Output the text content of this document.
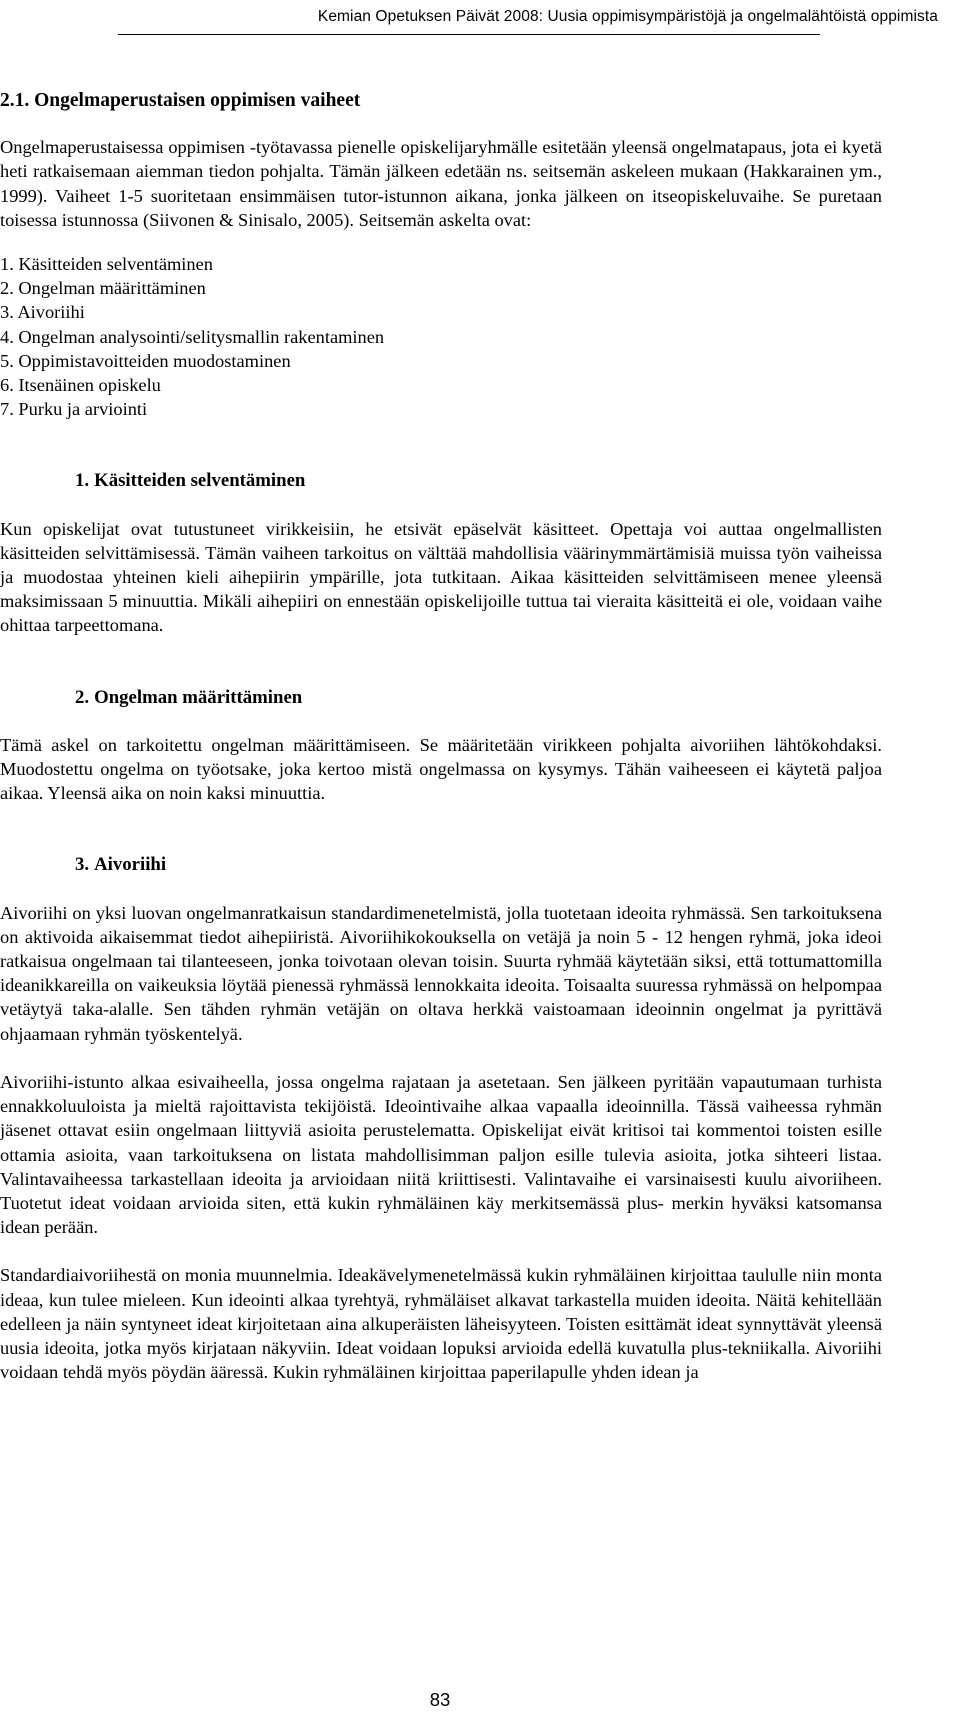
Kemian Opetuksen Päivät 2008: Uusia oppimisympäristöjä ja ongelmalähtöistä oppimista
2.1. Ongelmaperustaisen oppimisen vaiheet

Ongelmaperustaisessa oppimisen -työtavassa pienelle opiskelijaryhmälle esitetään yleensä ongelmatapaus, jota ei kyetä heti ratkaisemaan aiemman tiedon pohjalta. Tämän jälkeen edetään ns. seitsemän askeleen mukaan (Hakkarainen ym., 1999). Vaiheet 1-5 suoritetaan ensimmäisen tutor-istunnon aikana, jonka jälkeen on itseopiskeluvaihe. Se puretaan toisessa istunnossa (Siivonen & Sinisalo, 2005). Seitsemän askelta ovat:

1. Käsitteiden selventäminen
2. Ongelman määrittäminen
3. Aivoriihi
4. Ongelman analysointi/selitysmallin rakentaminen
5. Oppimistavoitteiden muodostaminen
6. Itsenäinen opiskelu
7. Purku ja arviointi
1. Käsitteiden selventäminen

Kun opiskelijat ovat tutustuneet virikkeisiin, he etsivät epäselvät käsitteet. Opettaja voi auttaa ongelmallisten käsitteiden selvittämisessä. Tämän vaiheen tarkoitus on välttää mahdollisia väärinymmärtämisiä muissa työn vaiheissa ja muodostaa yhteinen kieli aihepiirin ympärille, jota tutkitaan. Aikaa käsitteiden selvittämiseen menee yleensä maksimissaan 5 minuuttia. Mikäli aihepiiri on ennestään opiskelijoille tuttua tai vieraita käsitteitä ei ole, voidaan vaihe ohittaa tarpeettomana.

2. Ongelman määrittäminen

Tämä askel on tarkoitettu ongelman määrittämiseen. Se määritetään virikkeen pohjalta aivoriihen lähtökohdaksi. Muodostettu ongelma on työotsake, joka kertoo mistä ongelmassa on kysymys. Tähän vaiheeseen ei käytetä paljoa aikaa. Yleensä aika on noin kaksi minuuttia.

3. Aivoriihi

Aivoriihi on yksi luovan ongelmanratkaisun standardimenetelmistä, jolla tuotetaan ideoita ryhmässä. Sen tarkoituksena on aktivoida aikaisemmat tiedot aihepiiristä. Aivoriihikokouksella on vetäjä ja noin 5 - 12 hengen ryhmä, joka ideoi ratkaisua ongelmaan tai tilanteeseen, jonka toivotaan olevan toisin. Suurta ryhmää käytetään siksi, että tottumattomilla ideanikkareilla on vaikeuksia löytää pienessä ryhmässä lennokkaita ideoita. Toisaalta suuressa ryhmässä on helpompaa vetäytyä taka-alalle. Sen tähden ryhmän vetäjän on oltava herkkä vaistoamaan ideoinnin ongelmat ja pyrittävä ohjaamaan ryhmän työskentelyä.

Aivoriihi-istunto alkaa esivaiheella, jossa ongelma rajataan ja asetetaan. Sen jälkeen pyritään vapautumaan turhista ennakkoluuloista ja mieltä rajoittavista tekijöistä. Ideointivaihe alkaa vapaalla ideoinnilla. Tässä vaiheessa ryhmän jäsenet ottavat esiin ongelmaan liittyviä asioita perustelematta. Opiskelijat eivät kritisoi tai kommentoi toisten esille ottamia asioita, vaan tarkoituksena on listata mahdollisimman paljon esille tulevia asioita, jotka sihteeri listaa. Valintavaiheessa tarkastellaan ideoita ja arvioidaan niitä kriittisesti. Valintavaihe ei varsinaisesti kuulu aivoriiheen. Tuotetut ideat voidaan arvioida siten, että kukin ryhmäläinen käy merkitsemässä plus- merkin hyväksi katsomansa idean perään.

Standardiaivoriihestä on monia muunnelmia. Ideakävelymenetelmässä kukin ryhmäläinen kirjoittaa taululle niin monta ideaa, kun tulee mieleen. Kun ideointi alkaa tyrehtyä, ryhmäläiset alkavat tarkastella muiden ideoita. Näitä kehitellään edelleen ja näin syntyneet ideat kirjoitetaan aina alkuperäisten läheisyyteen. Toisten esittämät ideat synnyttävät yleensä uusia ideoita, jotka myös kirjataan näkyviin. Ideat voidaan lopuksi arvioida edellä kuvatulla plus-tekniikalla. Aivoriihi voidaan tehdä myös pöydän ääressä. Kukin ryhmäläinen kirjoittaa paperilapulle yhden idean ja

83
